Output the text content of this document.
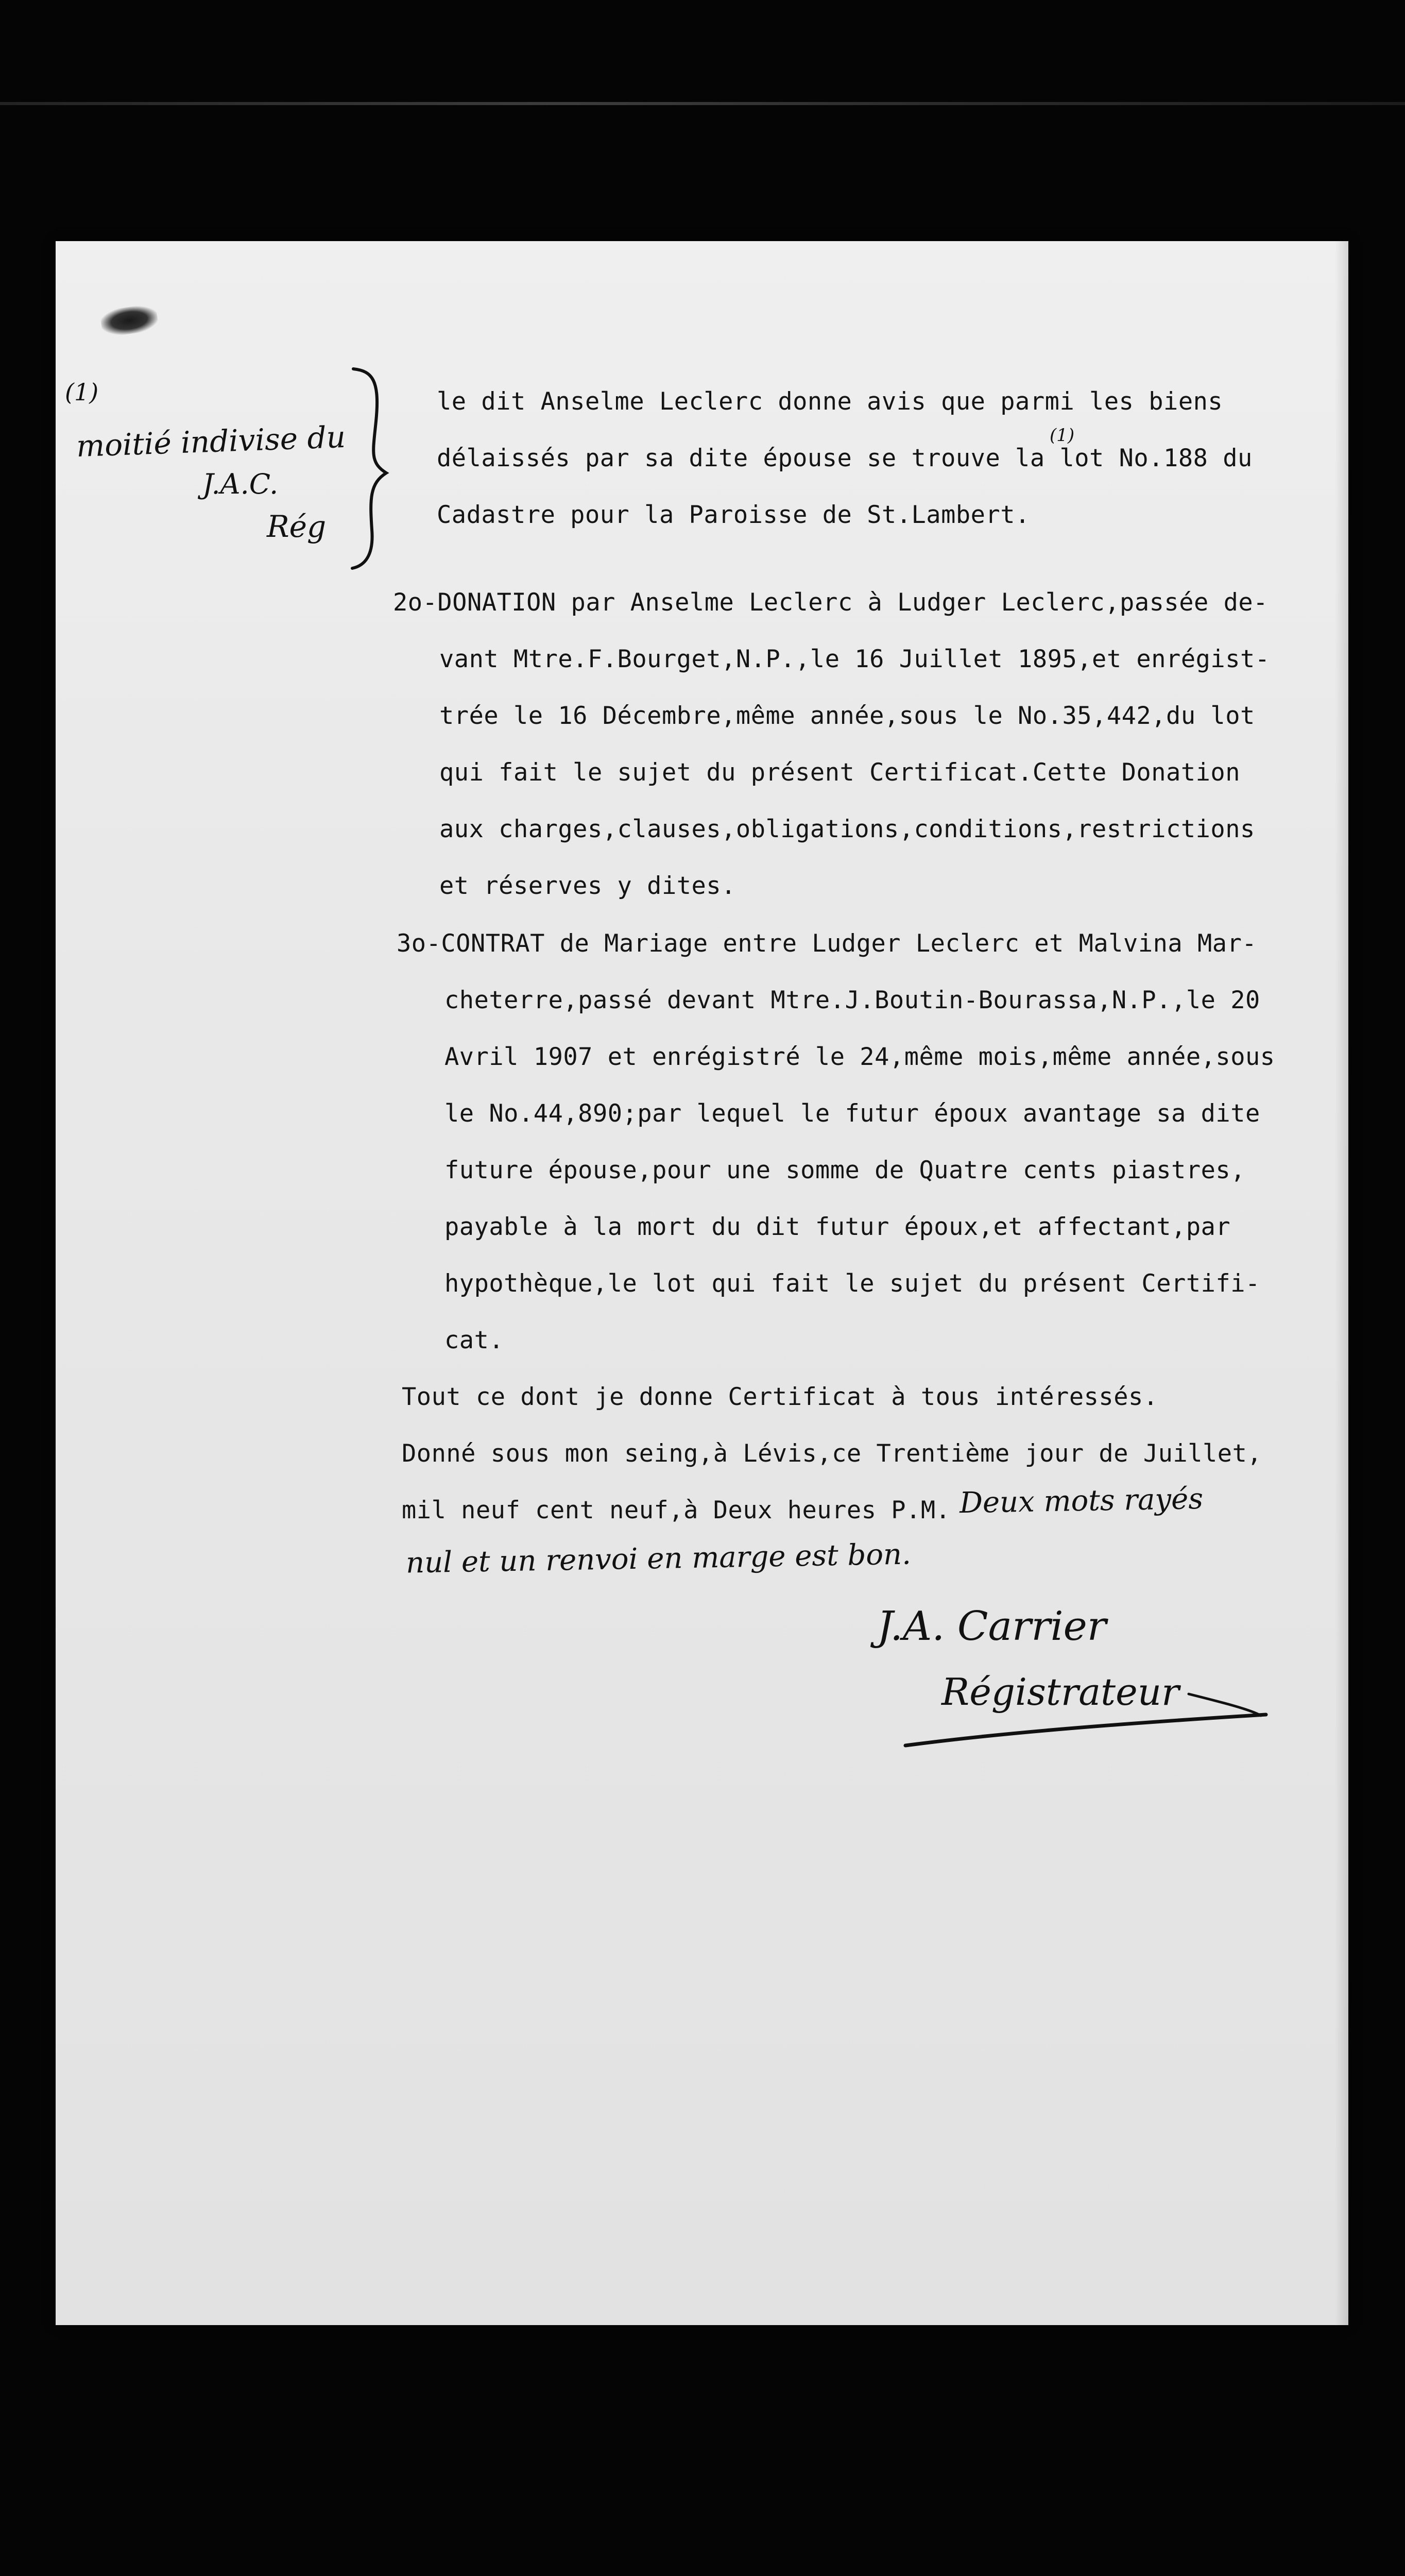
(1)
moitié indivise du
J.A.C.
Rég
le dit Anselme Leclerc donne avis que parmi les biens
délaissés par sa dite épouse se trouve la lot No.188 du
(1)
Cadastre pour la Paroisse de St.Lambert.
2o-DONATION par Anselme Leclerc à Ludger Leclerc,passée de-
vant Mtre.F.Bourget,N.P.,le 16 Juillet 1895,et enrégist-
trée le 16 Décembre,même année,sous le No.35,442,du lot
qui fait le sujet du présent Certificat.Cette Donation
aux charges,clauses,obligations,conditions,restrictions
et réserves y dites.
3o-CONTRAT de Mariage entre Ludger Leclerc et Malvina Mar-
cheterre,passé devant Mtre.J.Boutin-Bourassa,N.P.,le 20
Avril 1907 et enrégistré le 24,même mois,même année,sous
le No.44,890;par lequel le futur époux avantage sa dite
future épouse,pour une somme de Quatre cents piastres,
payable à la mort du dit futur époux,et affectant,par
hypothèque,le lot qui fait le sujet du présent Certifi-
cat.
Tout ce dont je donne Certificat à tous intéressés.
Donné sous mon seing,à Lévis,ce Trentième jour de Juillet,
mil neuf cent neuf,à Deux heures P.M. Deux mots rayés
nul et un renvoi en marge est bon.
J.A. Carrier
Régistrateur
